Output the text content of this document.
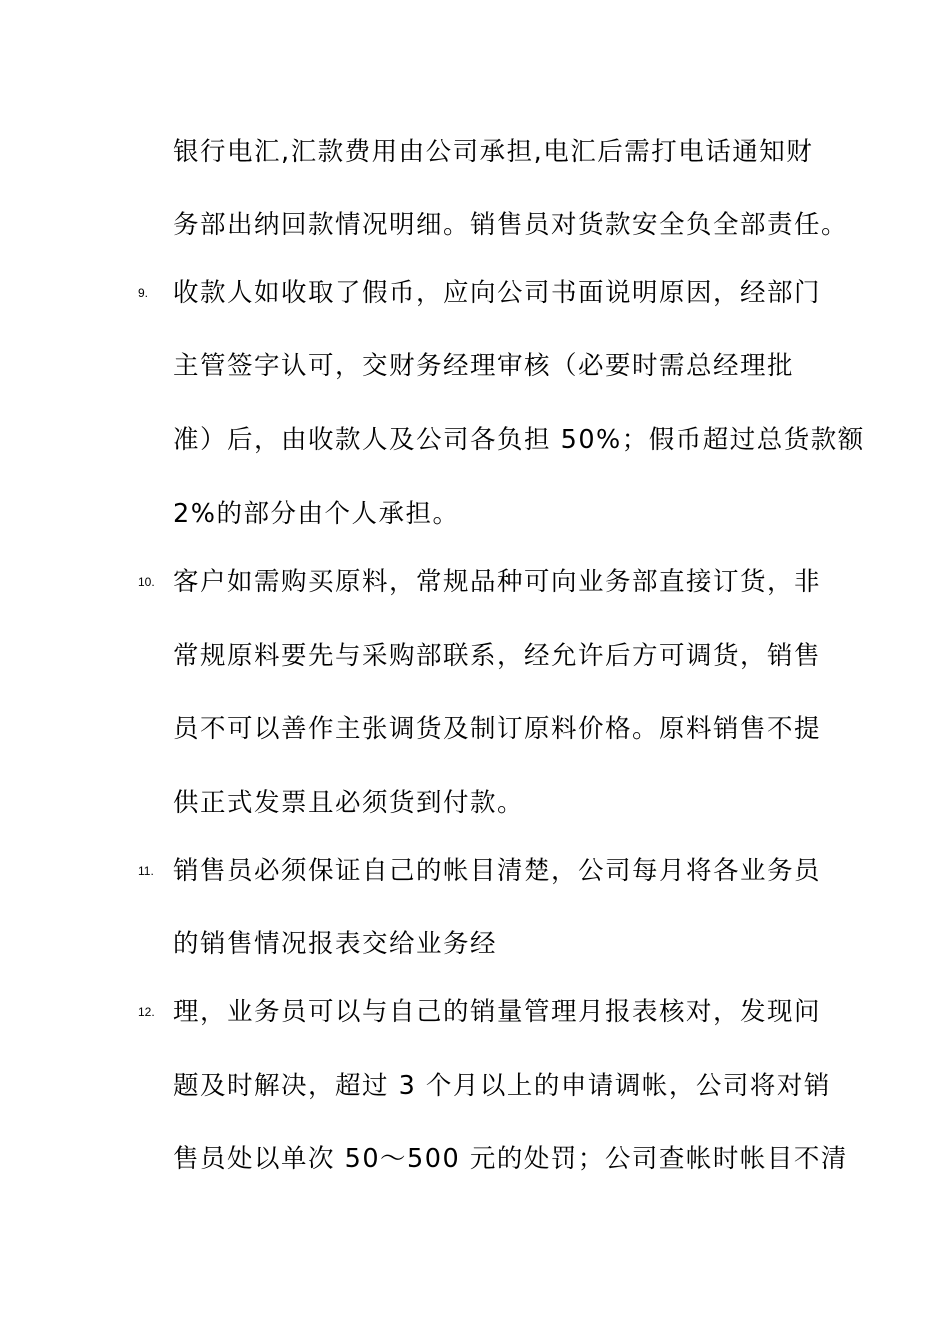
银行电汇,汇款费用由公司承担,电汇后需打电话通知财
务部出纳回款情况明细。销售员对货款安全负全部责任。
9. 收款人如收取了假币，应向公司书面说明原因，经部门
主管签字认可，交财务经理审核（必要时需总经理批
准）后，由收款人及公司各负担 50%；假币超过总货款额
2%的部分由个人承担。
10. 客户如需购买原料，常规品种可向业务部直接订货，非
常规原料要先与采购部联系，经允许后方可调货，销售
员不可以善作主张调货及制订原料价格。原料销售不提
供正式发票且必须货到付款。
11. 销售员必须保证自己的帐目清楚，公司每月将各业务员
的销售情况报表交给业务经
12. 理，业务员可以与自己的销量管理月报表核对，发现问
题及时解决，超过 3 个月以上的申请调帐，公司将对销
售员处以单次 50～500 元的处罚；公司查帐时帐目不清
